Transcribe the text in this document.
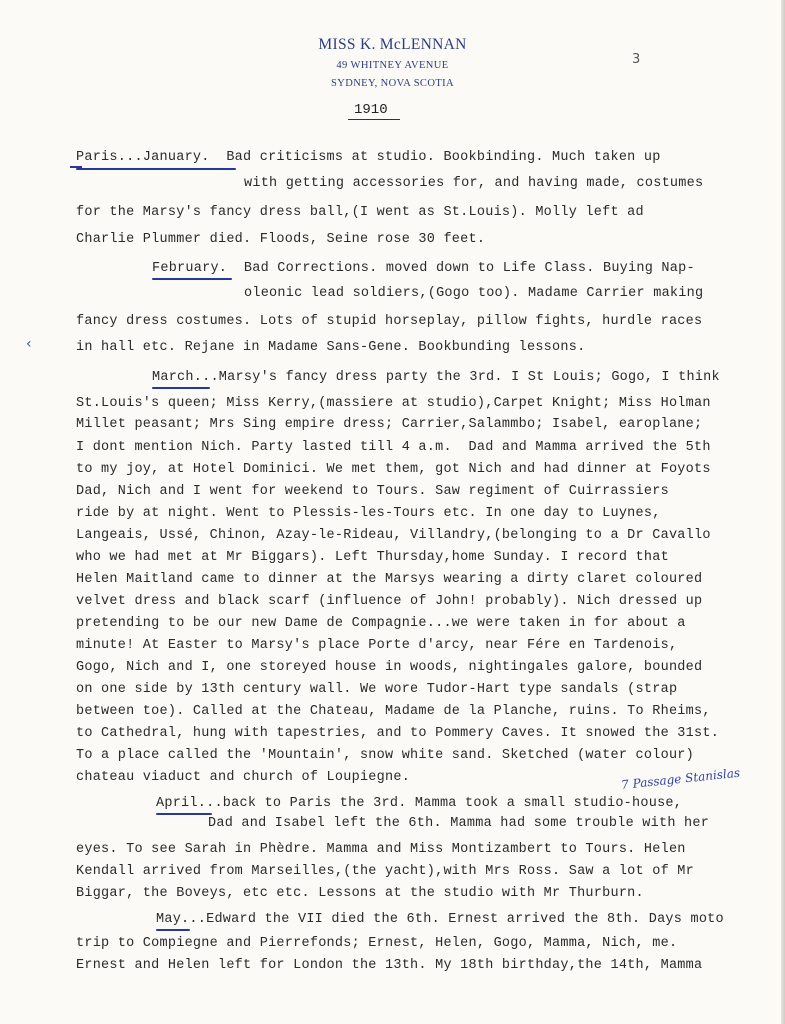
MISS K. McLENNAN
49 WHITNEY AVENUE
SYDNEY, NOVA SCOTIA
3
1910
Paris...January.  Bad criticisms at studio. Bookbinding. Much taken up
with getting accessories for, and having made, costumes
for the Marsy's fancy dress ball,(I went as St.Louis). Molly left ad
Charlie Plummer died. Floods, Seine rose 30 feet.
February.  Bad Corrections. moved down to Life Class. Buying Nap-
oleonic lead soldiers,(Gogo too). Madame Carrier making
fancy dress costumes. Lots of stupid horseplay, pillow fights, hurdle races
in hall etc. Rejane in Madame Sans-Gene. Bookbunding lessons.
March...Marsy's fancy dress party the 3rd. I St Louis; Gogo, I think
St.Louis's queen; Miss Kerry,(massiere at studio),Carpet Knight; Miss Holman
Millet peasant; Mrs Sing empire dress; Carrier,Salammbo; Isabel, earoplane;
I dont mention Nich. Party lasted till 4 a.m.  Dad and Mamma arrived the 5th
to my joy, at Hotel Dominici. We met them, got Nich and had dinner at Foyots
Dad, Nich and I went for weekend to Tours. Saw regiment of Cuirrassiers
ride by at night. Went to Plessis-les-Tours etc. In one day to Luynes,
Langeais, Ussé, Chinon, Azay-le-Rideau, Villandry,(belonging to a Dr Cavallo
who we had met at Mr Biggars). Left Thursday,home Sunday. I record that
Helen Maitland came to dinner at the Marsys wearing a dirty claret coloured
velvet dress and black scarf (influence of John! probably). Nich dressed up
pretending to be our new Dame de Compagnie...we were taken in for about a
minute! At Easter to Marsy's place Porte d'arcy, near Fére en Tardenois,
Gogo, Nich and I, one storeyed house in woods, nightingales galore, bounded
on one side by 13th century wall. We wore Tudor-Hart type sandals (strap
between toe). Called at the Chateau, Madame de la Planche, ruins. To Rheims,
to Cathedral, hung with tapestries, and to Pommery Caves. It snowed the 31st.
To a place called the 'Mountain', snow white sand. Sketched (water colour)
chateau viaduct and church of Loupiegne.
April...back to Paris the 3rd. Mamma took a small studio-house,
Dad and Isabel left the 6th. Mamma had some trouble with her
eyes. To see Sarah in Phèdre. Mamma and Miss Montizambert to Tours. Helen
Kendall arrived from Marseilles,(the yacht),with Mrs Ross. Saw a lot of Mr
Biggar, the Boveys, etc etc. Lessons at the studio with Mr Thurburn.
May...Edward the VII died the 6th. Ernest arrived the 8th. Days moto
trip to Compiegne and Pierrefonds; Ernest, Helen, Gogo, Mamma, Nich, me.
Ernest and Helen left for London the 13th. My 18th birthday,the 14th, Mamma
‹
7 Passage Stanislas
